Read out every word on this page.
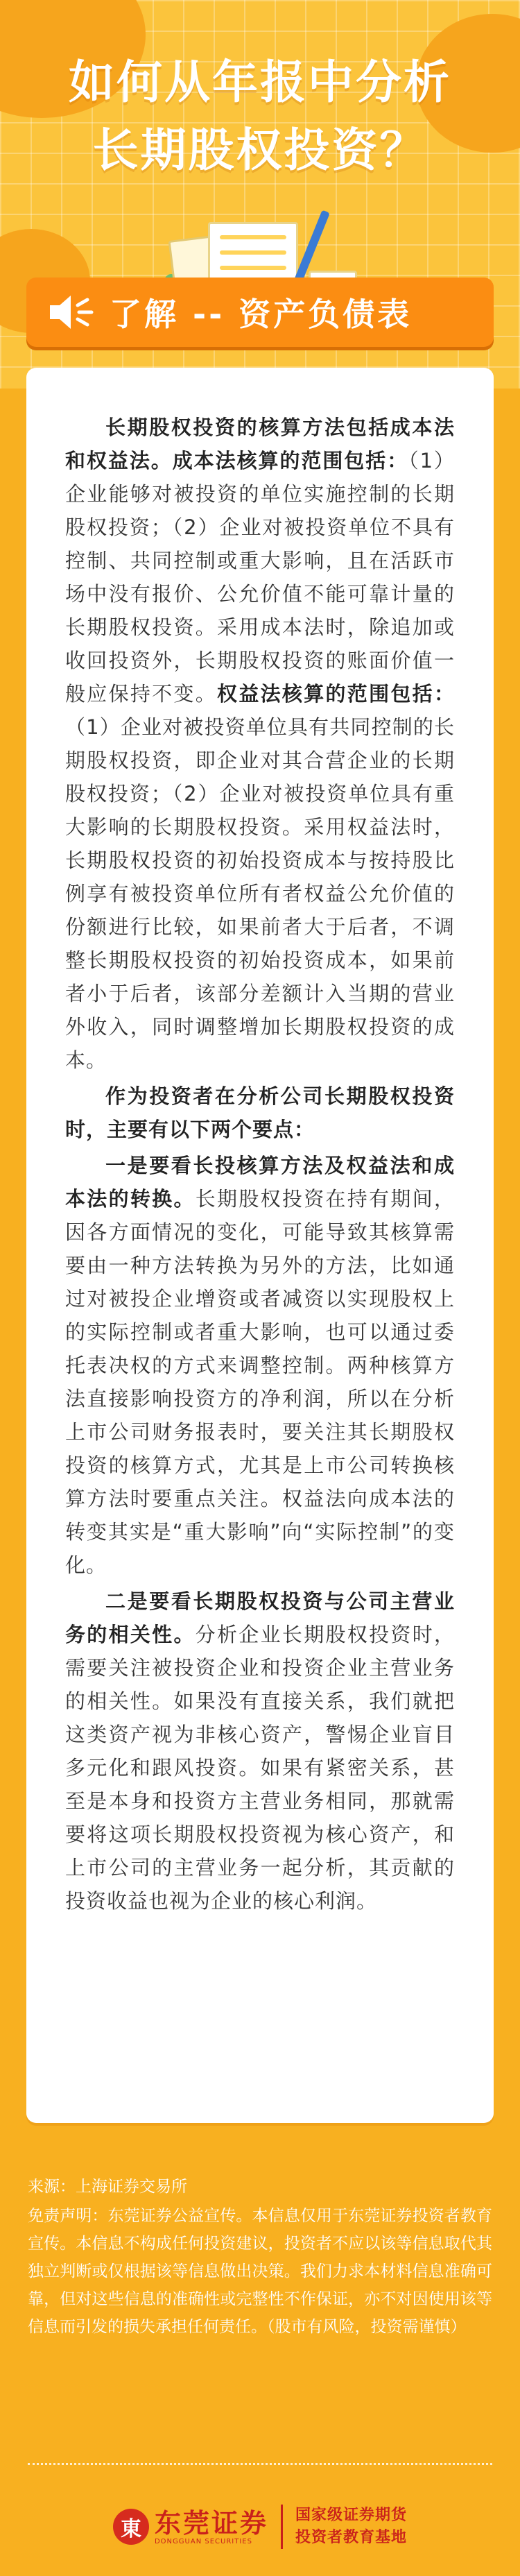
如何从年报中分析
长期股权投资？
了解 -- 资产负债表

长期股权投资的核算方法包括成本法和权益法。成本法核算的范围包括：（1）企业能够对被投资的单位实施控制的长期股权投资；（2）企业对被投资单位不具有控制、共同控制或重大影响，且在活跃市场中没有报价、公允价值不能可靠计量的长期股权投资。采用成本法时，除追加或收回投资外，长期股权投资的账面价值一般应保持不变。权益法核算的范围包括：（1）企业对被投资单位具有共同控制的长期股权投资，即企业对其合营企业的长期股权投资；（2）企业对被投资单位具有重大影响的长期股权投资。采用权益法时，长期股权投资的初始投资成本与按持股比例享有被投资单位所有者权益公允价值的份额进行比较，如果前者大于后者，不调整长期股权投资的初始投资成本，如果前者小于后者，该部分差额计入当期的营业外收入，同时调整增加长期股权投资的成本。

作为投资者在分析公司长期股权投资时，主要有以下两个要点：

一是要看长投核算方法及权益法和成本法的转换。长期股权投资在持有期间，因各方面情况的变化，可能导致其核算需要由一种方法转换为另外的方法，比如通过对被投企业增资或者减资以实现股权上的实际控制或者重大影响，也可以通过委托表决权的方式来调整控制。两种核算方法直接影响投资方的净利润，所以在分析上市公司财务报表时，要关注其长期股权投资的核算方式，尤其是上市公司转换核算方法时要重点关注。权益法向成本法的转变其实是“重大影响”向“实际控制”的变化。

二是要看长期股权投资与公司主营业务的相关性。分析企业长期股权投资时，需要关注被投资企业和投资企业主营业务的相关性。如果没有直接关系，我们就把这类资产视为非核心资产，警惕企业盲目多元化和跟风投资。如果有紧密关系，甚至是本身和投资方主营业务相同，那就需要将这项长期股权投资视为核心资产，和上市公司的主营业务一起分析，其贡献的投资收益也视为企业的核心利润。

来源：上海证券交易所

免责声明：东莞证券公益宣传。本信息仅用于东莞证券投资者教育宣传。本信息不构成任何投资建议，投资者不应以该等信息取代其独立判断或仅根据该等信息做出决策。我们力求本材料信息准确可靠，但对这些信息的准确性或完整性不作保证，亦不对因使用该等信息而引发的损失承担任何责任。（股市有风险，投资需谨慎）

東 东莞证券
DONGGUAN SECURITIES
国家级证券期货
投资者教育基地
